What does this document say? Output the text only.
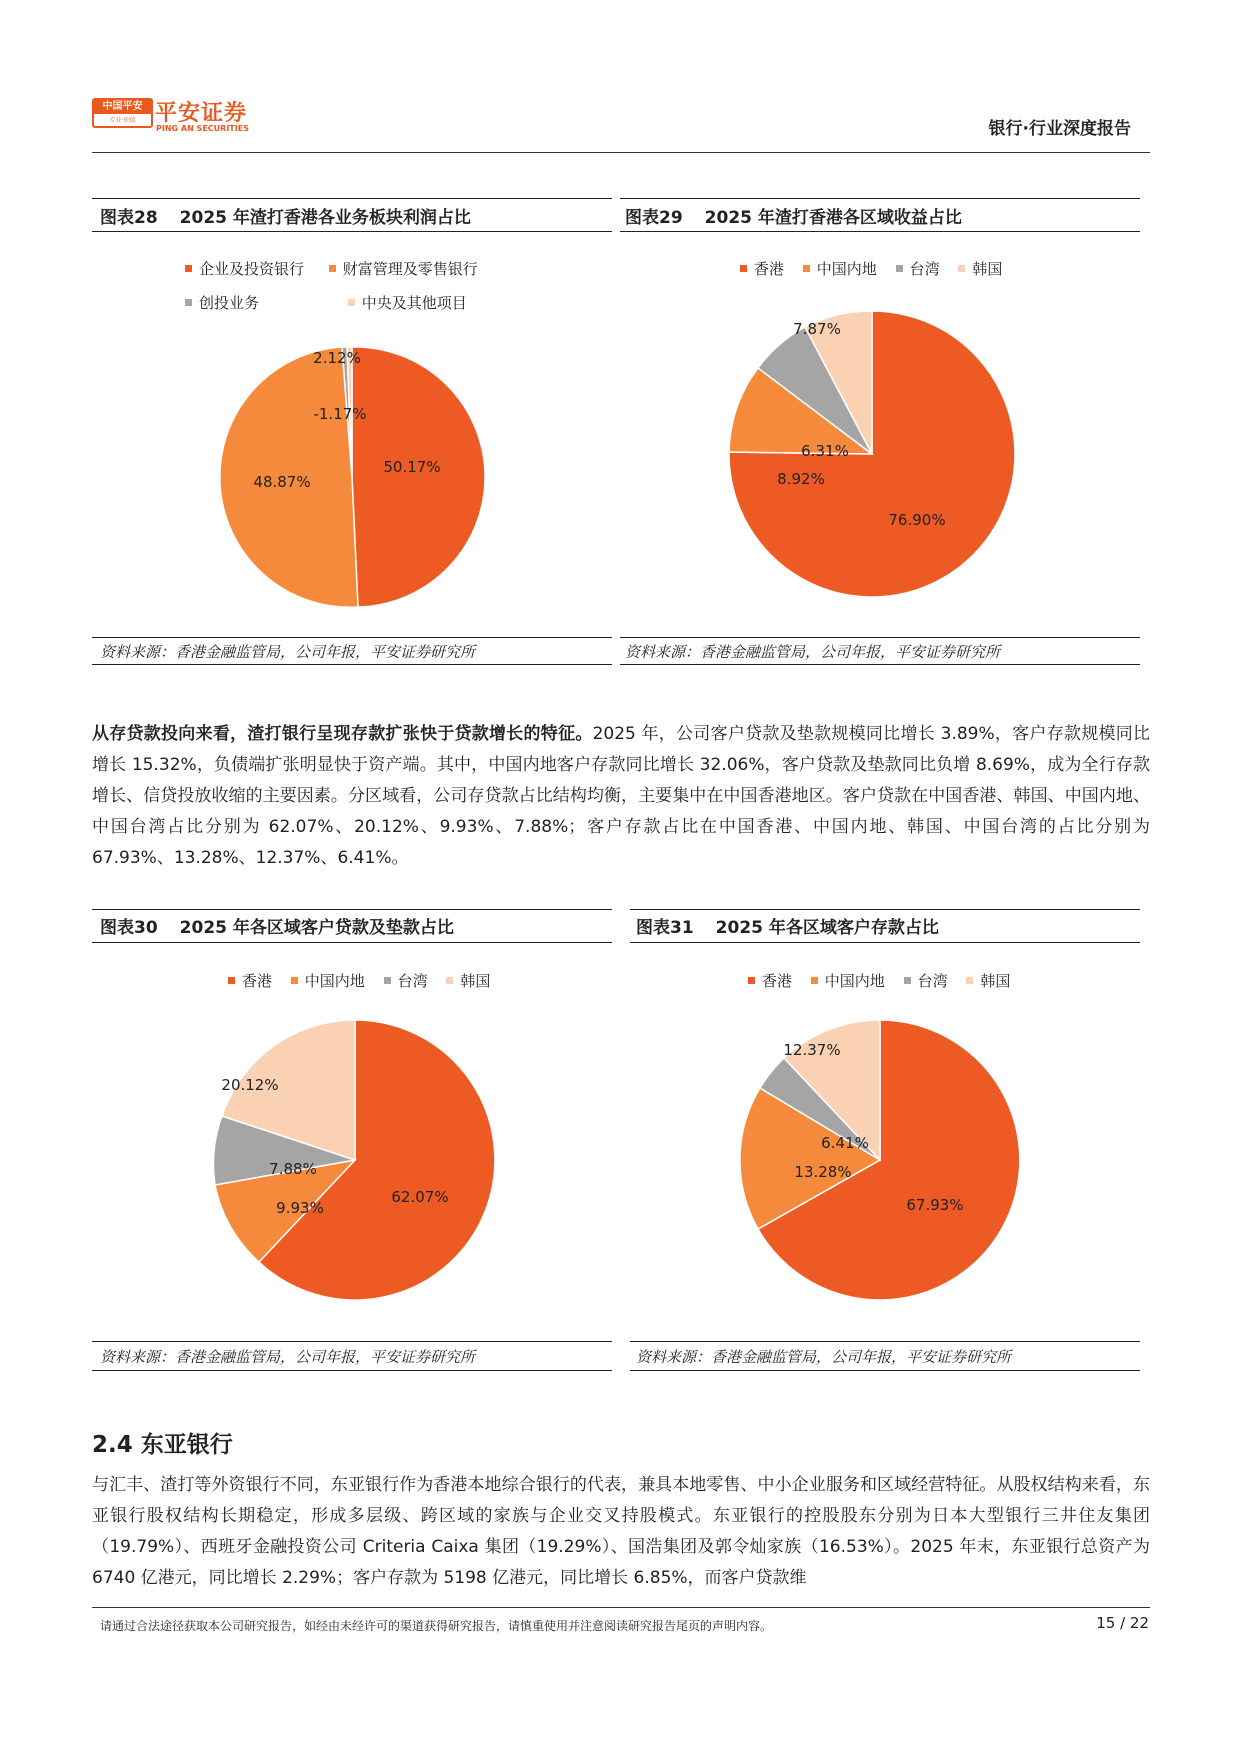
中国平安
专业·价值 平安证券
PING AN SECURITIES	银行·行业深度报告
图表28 2025 年渣打香港各业务板块利润占比
企业及投资银行
	财富管理及零售银行
创投业务
	中央及其他项目
50.17%
48.87%
-1.17%
2.12%
资料来源：香港金融监管局，公司年报，平安证券研究所
图表29 2025 年渣打香港各区域收益占比
香港
中国内地
台湾
韩国
76.90%
8.92%
6.31%
7.87%
资料来源：香港金融监管局，公司年报，平安证券研究所
从存贷款投向来看，渣打银行呈现存款扩张快于贷款增长的特征。2025 年，公司客户贷款及垫款规模同比增长 3.89%，客户存款规模同比增长 15.32%，负债端扩张明显快于资产端。其中，中国内地客户存款同比增长 32.06%，客户贷款及垫款同比负增 8.69%，成为全行存款增长、信贷投放收缩的主要因素。分区域看，公司存贷款占比结构均衡，主要集中在中国香港地区。客户贷款在中国香港、韩国、中国内地、中国台湾占比分别为 62.07%、20.12%、9.93%、7.88%；客户存款占比在中国香港、中国内地、韩国、中国台湾的占比分别为 67.93%、13.28%、12.37%、6.41%。
图表30 2025 年各区域客户贷款及垫款占比
香港
中国内地
台湾
韩国
62.07%
9.93%
7.88%
20.12%
资料来源：香港金融监管局，公司年报，平安证券研究所
图表31 2025 年各区域客户存款占比
香港
中国内地
台湾
韩国
67.93%
13.28%
6.41%
12.37%
资料来源：香港金融监管局，公司年报，平安证券研究所
2.4 东亚银行
与汇丰、渣打等外资银行不同，东亚银行作为香港本地综合银行的代表，兼具本地零售、中小企业服务和区域经营特征。从股权结构来看，东亚银行股权结构长期稳定，形成多层级、跨区域的家族与企业交叉持股模式。东亚银行的控股股东分别为日本大型银行三井住友集团（19.79%）、西班牙金融投资公司 Criteria Caixa 集团（19.29%）、国浩集团及郭令灿家族（16.53%）。2025 年末，东亚银行总资产为 6740 亿港元，同比增长 2.29%；客户存款为 5198 亿港元，同比增长 6.85%，而客户贷款维
请通过合法途径获取本公司研究报告，如经由未经许可的渠道获得研究报告，请慎重使用并注意阅读研究报告尾页的声明内容。	15 / 22
